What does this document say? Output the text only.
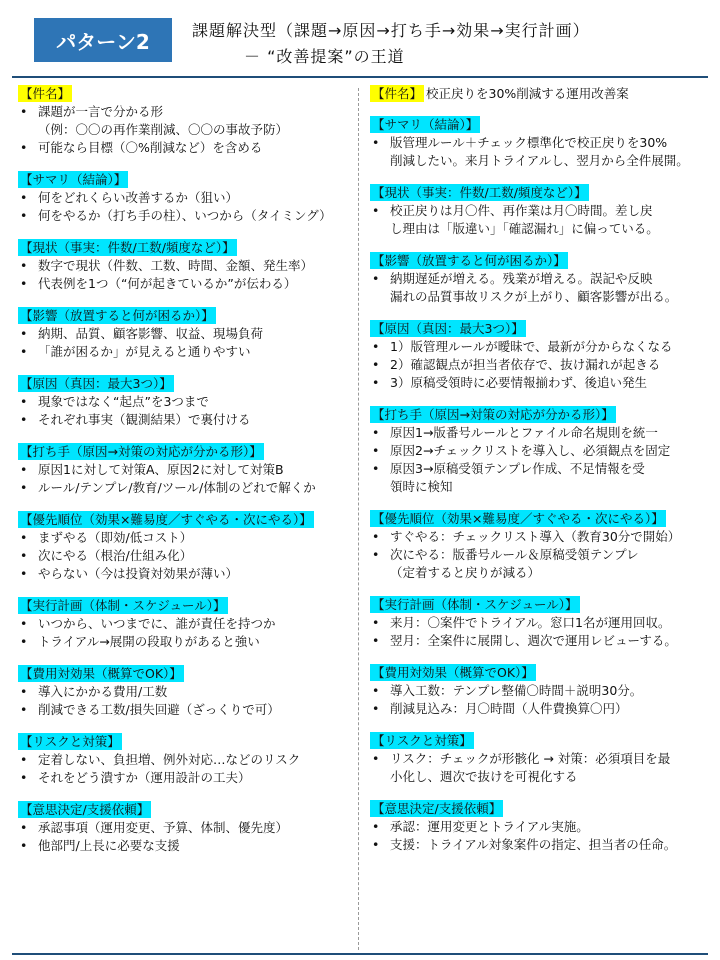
パターン2	課題解決型（課題→原因→打ち手→効果→実行計画）
－ “改善提案”の王道
【件名】
• 課題が一言で分かる形
（例：〇〇の再作業削減、〇〇の事故予防）
• 可能なら目標（〇%削減など）を含める
【サマリ（結論）】
• 何をどれくらい改善するか（狙い）
• 何をやるか（打ち手の柱）、いつから（タイミング）
【現状（事実：件数/工数/頻度など）】
• 数字で現状（件数、工数、時間、金額、発生率）
• 代表例を1つ（“何が起きているか”が伝わる）
【影響（放置すると何が困るか）】
• 納期、品質、顧客影響、収益、現場負荷
• 「誰が困るか」が見えると通りやすい
【原因（真因：最大3つ）】
• 現象ではなく“起点”を3つまで
• それぞれ事実（観測結果）で裏付ける
【打ち手（原因→対策の対応が分かる形）】
• 原因1に対して対策A、原因2に対して対策B
• ルール/テンプレ/教育/ツール/体制のどれで解くか
【優先順位（効果×難易度／すぐやる・次にやる）】
• まずやる（即効/低コスト）
• 次にやる（根治/仕組み化）
• やらない（今は投資対効果が薄い）
【実行計画（体制・スケジュール）】
• いつから、いつまでに、誰が責任を持つか
• トライアル→展開の段取りがあると強い
【費用対効果（概算でOK）】
• 導入にかかる費用/工数
• 削減できる工数/損失回避（ざっくりで可）
【リスクと対策】
• 定着しない、負担増、例外対応…などのリスク
• それをどう潰すか（運用設計の工夫）
【意思決定/支援依頼】
• 承認事項（運用変更、予算、体制、優先度）
• 他部門/上長に必要な支援
【件名】 校正戻りを30%削減する運用改善案
【サマリ（結論）】
• 版管理ルール＋チェック標準化で校正戻りを30%
削減したい。来月トライアルし、翌月から全件展開。
【現状（事実：件数/工数/頻度など）】
• 校正戻りは月〇件、再作業は月〇時間。差し戻
し理由は「版違い」「確認漏れ」に偏っている。
【影響（放置すると何が困るか）】
• 納期遅延が増える。残業が増える。誤記や反映
漏れの品質事故リスクが上がり、顧客影響が出る。
【原因（真因：最大3つ）】
• 1）版管理ルールが曖昧で、最新が分からなくなる
• 2）確認観点が担当者依存で、抜け漏れが起きる
• 3）原稿受領時に必要情報揃わず、後追い発生
【打ち手（原因→対策の対応が分かる形）】
• 原因1→版番号ルールとファイル命名規則を統一
• 原因2→チェックリストを導入し、必須観点を固定
• 原因3→原稿受領テンプレ作成、不足情報を受
領時に検知
【優先順位（効果×難易度／すぐやる・次にやる）】
• すぐやる：チェックリスト導入（教育30分で開始）
• 次にやる：版番号ルール＆原稿受領テンプレ
（定着すると戻りが減る）
【実行計画（体制・スケジュール）】
• 来月：〇案件でトライアル。窓口1名が運用回収。
• 翌月：全案件に展開し、週次で運用レビューする。
【費用対効果（概算でOK）】
• 導入工数：テンプレ整備〇時間＋説明30分。
• 削減見込み：月〇時間（人件費換算〇円）
【リスクと対策】
• リスク：チェックが形骸化 → 対策：必須項目を最
小化し、週次で抜けを可視化する
【意思決定/支援依頼】
• 承認：運用変更とトライアル実施。
• 支援：トライアル対象案件の指定、担当者の任命。
